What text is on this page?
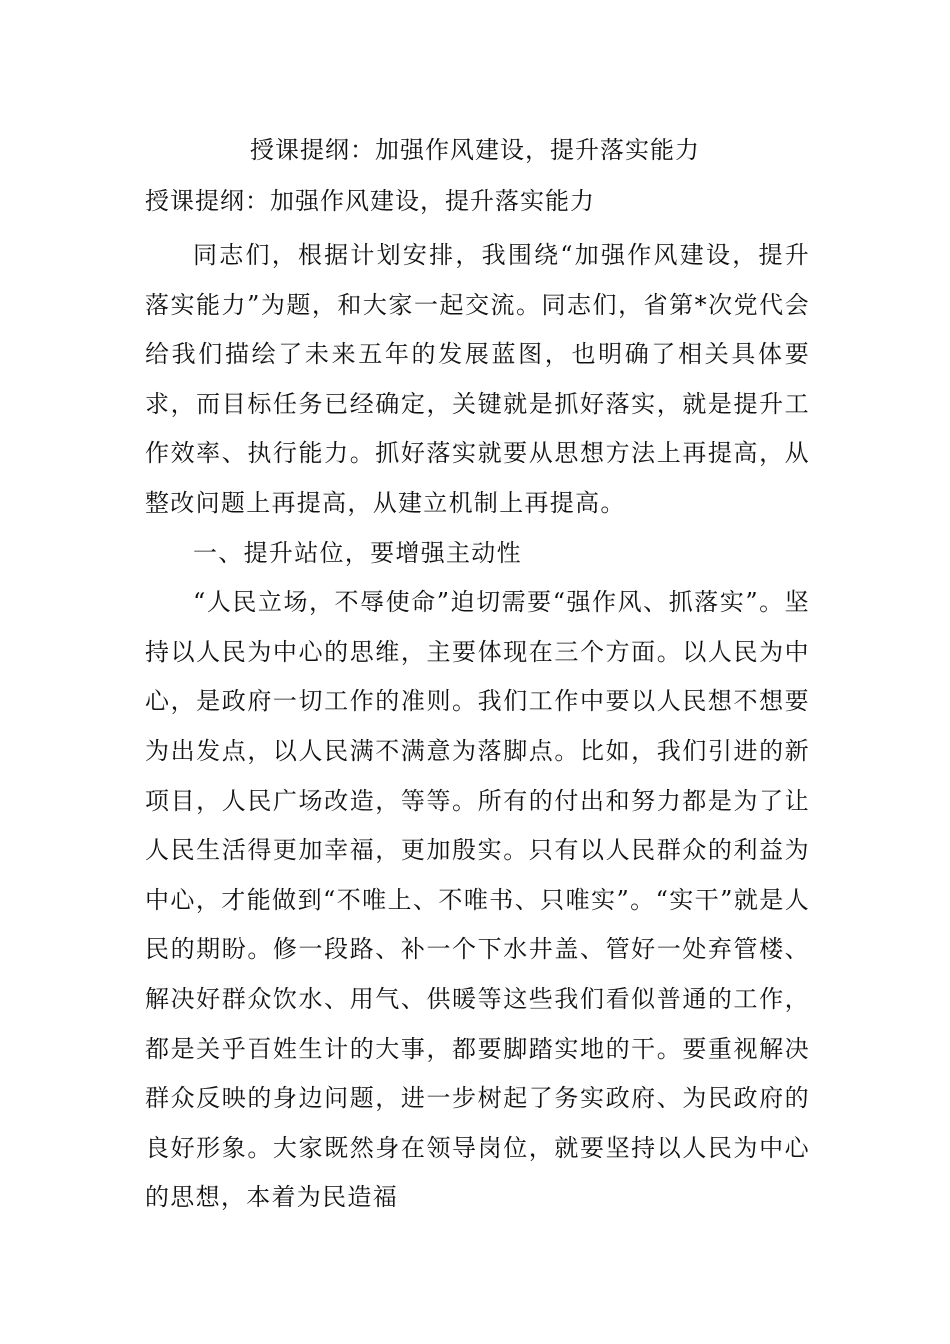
授课提纲：加强作风建设，提升落实能力
授课提纲：加强作风建设，提升落实能力

同志们，根据计划安排，我围绕“加强作风建设，提升落实能力”为题，和大家一起交流。同志们，省第*次党代会给我们描绘了未来五年的发展蓝图，也明确了相关具体要求，而目标任务已经确定，关键就是抓好落实，就是提升工作效率、执行能力。抓好落实就要从思想方法上再提高，从整改问题上再提高，从建立机制上再提高。

一、提升站位，要增强主动性

“人民立场，不辱使命”迫切需要“强作风、抓落实”。坚持以人民为中心的思维，主要体现在三个方面。以人民为中心，是政府一切工作的准则。我们工作中要以人民想不想要为出发点，以人民满不满意为落脚点。比如，我们引进的新项目，人民广场改造，等等。所有的付出和努力都是为了让人民生活得更加幸福，更加殷实。只有以人民群众的利益为中心，才能做到“不唯上、不唯书、只唯实”。“实干”就是人民的期盼。修一段路、补一个下水井盖、管好一处弃管楼、解决好群众饮水、用气、供暖等这些我们看似普通的工作，都是关乎百姓生计的大事，都要脚踏实地的干。要重视解决群众反映的身边问题，进一步树起了务实政府、为民政府的良好形象。大家既然身在领导岗位，就要坚持以人民为中心的思想，本着为民造福
